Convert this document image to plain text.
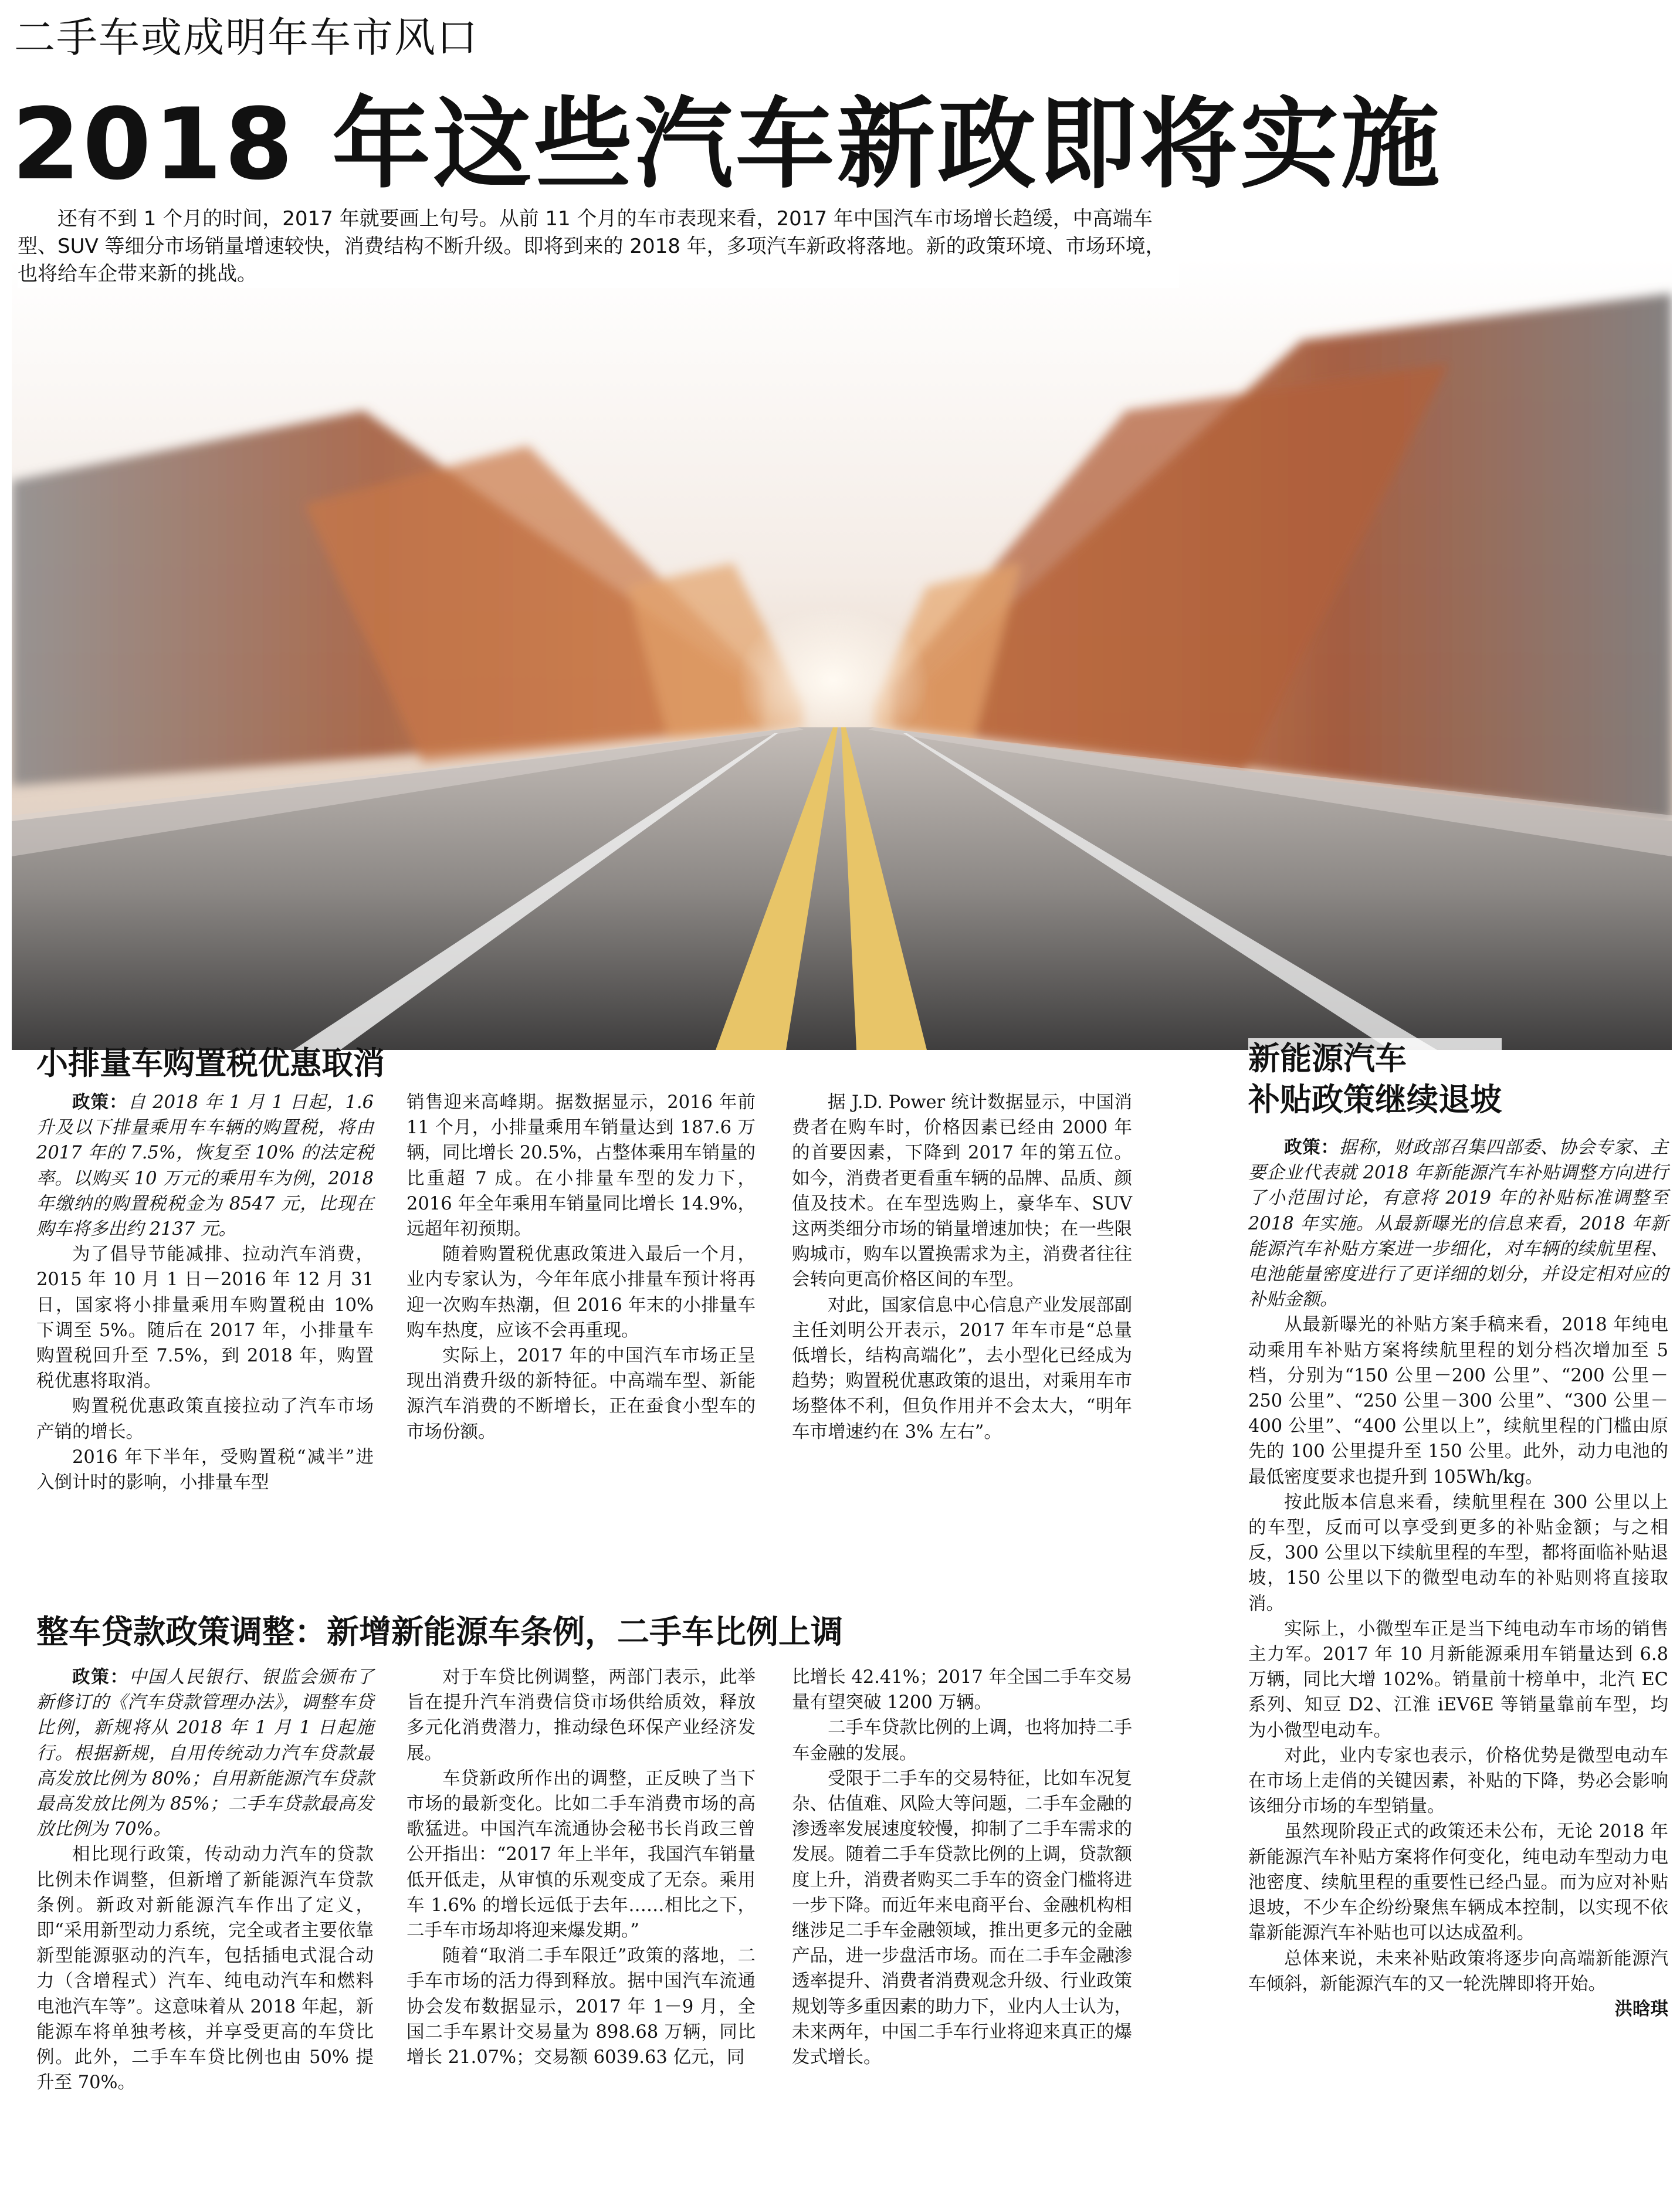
二手车或成明年车市风口
2018 年这些汽车新政即将实施
还有不到 1 个月的时间，2017 年就要画上句号。从前 11 个月的车市表现来看，2017 年中国汽车市场增长趋缓，中高端车型、SUV 等细分市场销量增速较快，消费结构不断升级。即将到来的 2018 年，多项汽车新政将落地。新的政策环境、市场环境，也将给车企带来新的挑战。
小排量车购置税优惠取消

政策：自 2018 年 1 月 1 日起，1.6 升及以下排量乘用车车辆的购置税，将由 2017 年的 7.5%，恢复至 10% 的法定税率。以购买 10 万元的乘用车为例，2018 年缴纳的购置税税金为 8547 元，比现在购车将多出约 2137 元。

为了倡导节能减排、拉动汽车消费，2015 年 10 月 1 日－2016 年 12 月 31 日，国家将小排量乘用车购置税由 10% 下调至 5%。随后在 2017 年，小排量车购置税回升至 7.5%，到 2018 年，购置税优惠将取消。

购置税优惠政策直接拉动了汽车市场产销的增长。

2016 年下半年，受购置税“减半”进入倒计时的影响，小排量车型

销售迎来高峰期。据数据显示，2016 年前 11 个月，小排量乘用车销量达到 187.6 万辆，同比增长 20.5%，占整体乘用车销量的比重超 7 成。在小排量车型的发力下，2016 年全年乘用车销量同比增长 14.9%，远超年初预期。

随着购置税优惠政策进入最后一个月，业内专家认为，今年年底小排量车预计将再迎一次购车热潮，但 2016 年末的小排量车购车热度，应该不会再重现。

实际上，2017 年的中国汽车市场正呈现出消费升级的新特征。中高端车型、新能源汽车消费的不断增长，正在蚕食小型车的市场份额。

据 J.D. Power 统计数据显示，中国消费者在购车时，价格因素已经由 2000 年的首要因素，下降到 2017 年的第五位。如今，消费者更看重车辆的品牌、品质、颜值及技术。在车型选购上，豪华车、SUV 这两类细分市场的销量增速加快；在一些限购城市，购车以置换需求为主，消费者往往会转向更高价格区间的车型。

对此，国家信息中心信息产业发展部副主任刘明公开表示，2017 年车市是“总量低增长，结构高端化”，去小型化已经成为趋势；购置税优惠政策的退出，对乘用车市场整体不利，但负作用并不会太大，“明年车市增速约在 3% 左右”。

整车贷款政策调整：新增新能源车条例，二手车比例上调

政策：中国人民银行、银监会颁布了新修订的《汽车贷款管理办法》，调整车贷比例，新规将从 2018 年 1 月 1 日起施行。根据新规，自用传统动力汽车贷款最高发放比例为 80%；自用新能源汽车贷款最高发放比例为 85%；二手车贷款最高发放比例为 70%。

相比现行政策，传动动力汽车的贷款比例未作调整，但新增了新能源汽车贷款条例。新政对新能源汽车作出了定义，即“采用新型动力系统，完全或者主要依靠新型能源驱动的汽车，包括插电式混合动力（含增程式）汽车、纯电动汽车和燃料电池汽车等”。这意味着从 2018 年起，新能源车将单独考核，并享受更高的车贷比例。此外，二手车车贷比例也由 50% 提升至 70%。

对于车贷比例调整，两部门表示，此举旨在提升汽车消费信贷市场供给质效，释放多元化消费潜力，推动绿色环保产业经济发展。

车贷新政所作出的调整，正反映了当下市场的最新变化。比如二手车消费市场的高歌猛进。中国汽车流通协会秘书长肖政三曾公开指出：“2017 年上半年，我国汽车销量低开低走，从审慎的乐观变成了无奈。乘用车 1.6% 的增长远低于去年……相比之下，二手车市场却将迎来爆发期。”

随着“取消二手车限迁”政策的落地，二手车市场的活力得到释放。据中国汽车流通协会发布数据显示，2017 年 1－9 月，全国二手车累计交易量为 898.68 万辆，同比增长 21.07%；交易额 6039.63 亿元，同

比增长 42.41%；2017 年全国二手车交易量有望突破 1200 万辆。

二手车贷款比例的上调，也将加持二手车金融的发展。

受限于二手车的交易特征，比如车况复杂、估值难、风险大等问题，二手车金融的渗透率发展速度较慢，抑制了二手车需求的发展。随着二手车贷款比例的上调，贷款额度上升，消费者购买二手车的资金门槛将进一步下降。而近年来电商平台、金融机构相继涉足二手车金融领域，推出更多元的金融产品，进一步盘活市场。而在二手车金融渗透率提升、消费者消费观念升级、行业政策规划等多重因素的助力下，业内人士认为，未来两年，中国二手车行业将迎来真正的爆发式增长。

新能源汽车
补贴政策继续退坡

政策：据称，财政部召集四部委、协会专家、主要企业代表就 2018 年新能源汽车补贴调整方向进行了小范围讨论，有意将 2019 年的补贴标准调整至 2018 年实施。从最新曝光的信息来看，2018 年新能源汽车补贴方案进一步细化，对车辆的续航里程、电池能量密度进行了更详细的划分，并设定相对应的补贴金额。

从最新曝光的补贴方案手稿来看，2018 年纯电动乘用车补贴方案将续航里程的划分档次增加至 5 档，分别为“150 公里－200 公里”、“200 公里－250 公里”、“250 公里－300 公里”、“300 公里－400 公里”、“400 公里以上”，续航里程的门槛由原先的 100 公里提升至 150 公里。此外，动力电池的最低密度要求也提升到 105Wh/kg。

按此版本信息来看，续航里程在 300 公里以上的车型，反而可以享受到更多的补贴金额；与之相反，300 公里以下续航里程的车型，都将面临补贴退坡，150 公里以下的微型电动车的补贴则将直接取消。

实际上，小微型车正是当下纯电动车市场的销售主力军。2017 年 10 月新能源乘用车销量达到 6.8 万辆，同比大增 102%。销量前十榜单中，北汽 EC 系列、知豆 D2、江淮 iEV6E 等销量靠前车型，均为小微型电动车。

对此，业内专家也表示，价格优势是微型电动车在市场上走俏的关键因素，补贴的下降，势必会影响该细分市场的车型销量。

虽然现阶段正式的政策还未公布，无论 2018 年新能源汽车补贴方案将作何变化，纯电动车型动力电池密度、续航里程的重要性已经凸显。而为应对补贴退坡，不少车企纷纷聚焦车辆成本控制，以实现不依靠新能源汽车补贴也可以达成盈利。

总体来说，未来补贴政策将逐步向高端新能源汽车倾斜，新能源汽车的又一轮洗牌即将开始。
洪晗琪
